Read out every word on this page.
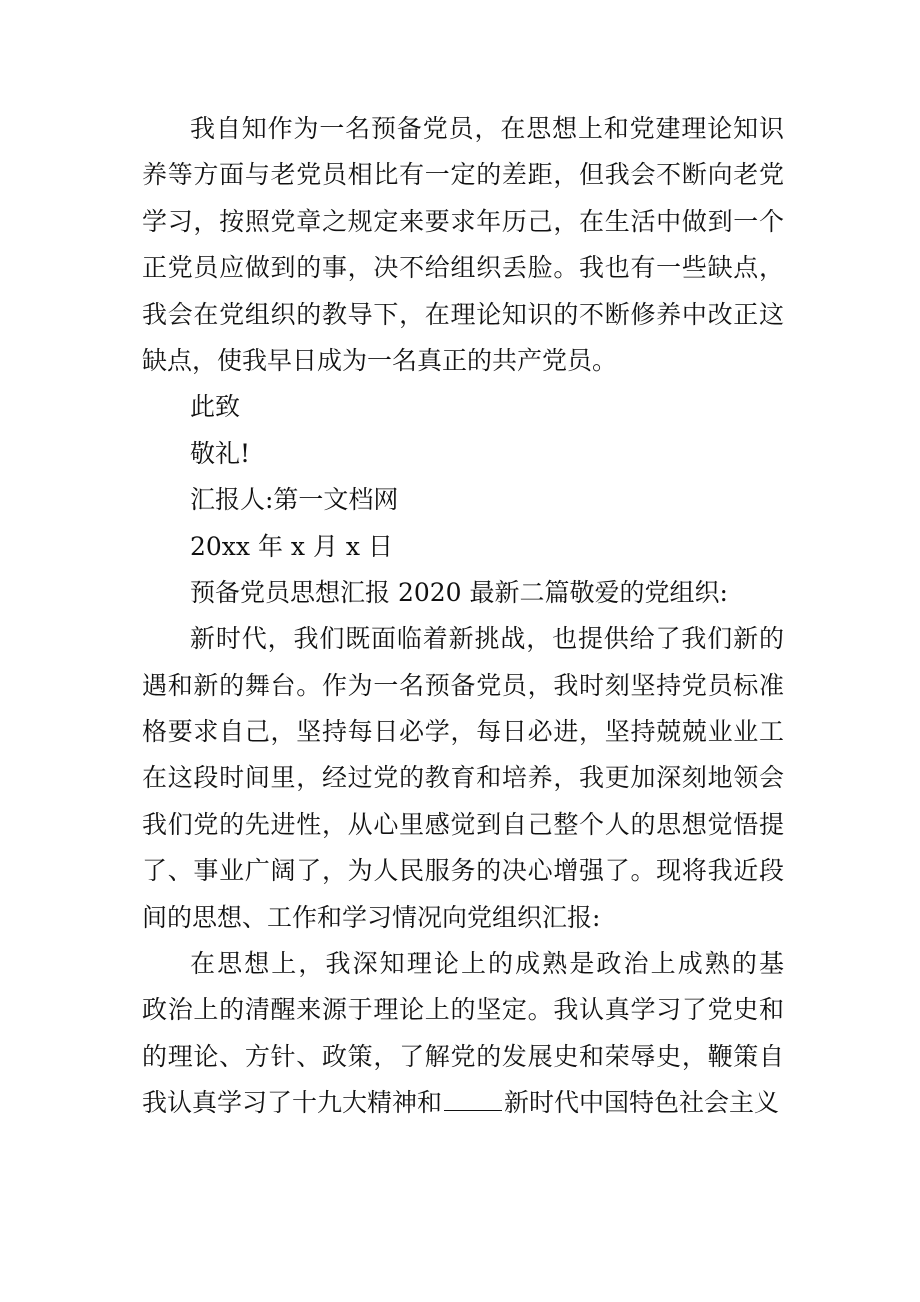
我自知作为一名预备党员，在思想上和党建理论知识
养等方面与老党员相比有一定的差距，但我会不断向老党
学习，按照党章之规定来要求年历己，在生活中做到一个
正党员应做到的事，决不给组织丢脸。我也有一些缺点，
我会在党组织的教导下，在理论知识的不断修养中改正这
缺点，使我早日成为一名真正的共产党员。
此致
敬礼!
汇报人:第一文档网
20xx 年 x 月 x 日
预备党员思想汇报 2020 最新二篇敬爱的党组织:
新时代，我们既面临着新挑战，也提供给了我们新的
遇和新的舞台。作为一名预备党员，我时刻坚持党员标准
格要求自己，坚持每日必学，每日必进，坚持兢兢业业工
在这段时间里，经过党的教育和培养，我更加深刻地领会
我们党的先进性，从心里感觉到自己整个人的思想觉悟提
了、事业广阔了，为人民服务的决心增强了。现将我近段
间的思想、工作和学习情况向党组织汇报:
在思想上，我深知理论上的成熟是政治上成熟的基
政治上的清醒来源于理论上的坚定。我认真学习了党史和
的理论、方针、政策，了解党的发展史和荣辱史，鞭策自
我认真学习了十九大精神和 新时代中国特色社会主义
